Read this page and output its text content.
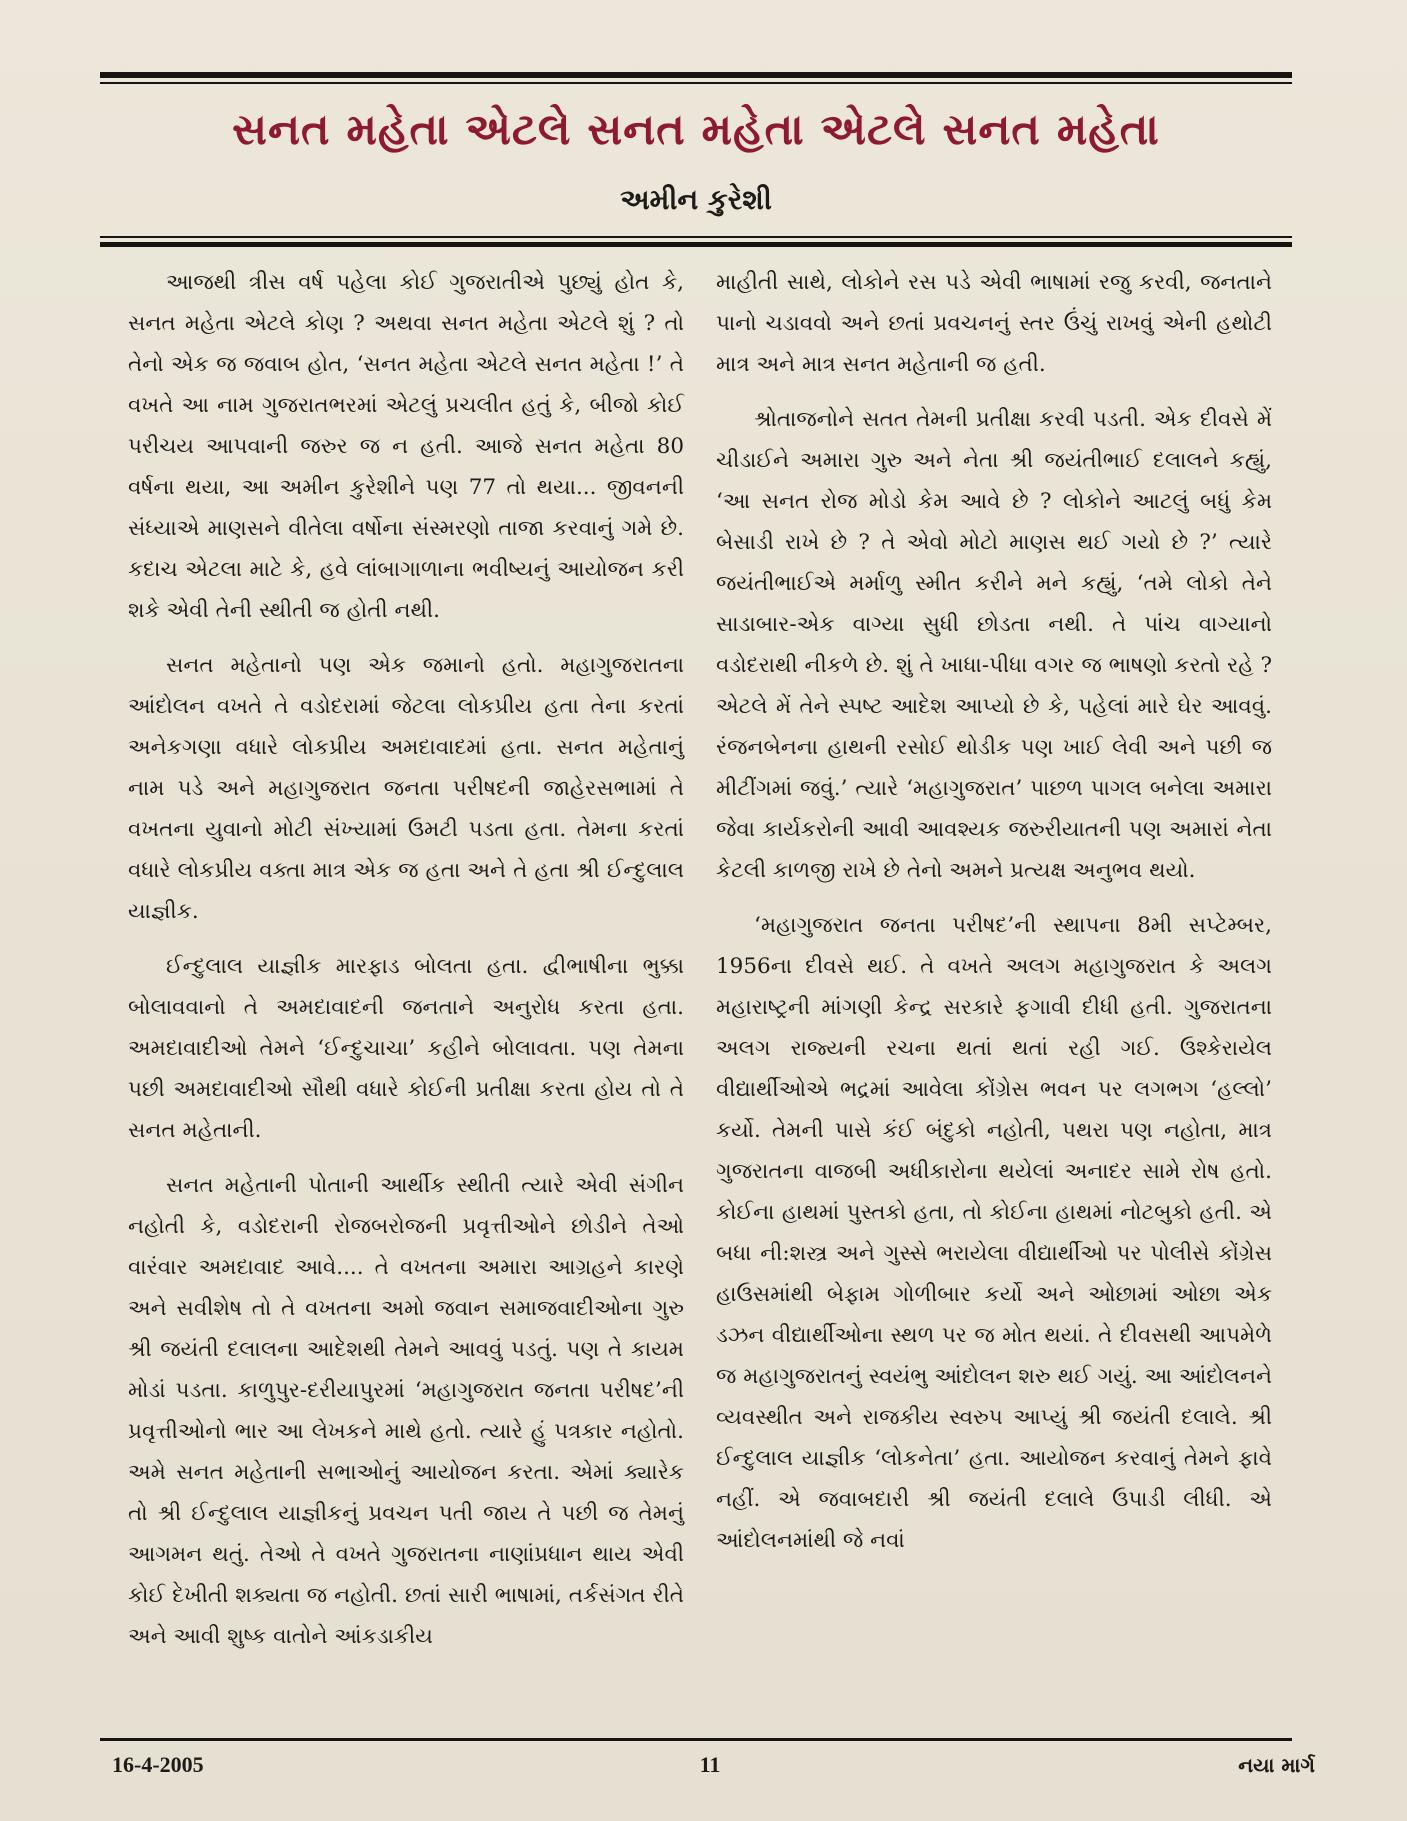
સનત મહેતા એટલે સનત મહેતા એટલે સનત મહેતા
અમીન કુરેશી

આજથી ત્રીસ વર્ષ પહેલા કોઈ ગુજરાતીએ પુછ્યું હોત કે, સનત મહેતા એટલે કોણ ? અથવા સનત મહેતા એટલે શું ? તો તેનો એક જ જવાબ હોત, ‘સનત મહેતા એટલે સનત મહેતા !’ તે વખતે આ નામ ગુજરાતભરમાં એટલું પ્રચલીત હતું કે, બીજો કોઈ પરીચય આપવાની જરુર જ ન હતી. આજે સનત મહેતા 80 વર્ષના થયા, આ અમીન કુરેશીને પણ 77 તો થયા... જીવનની સંધ્યાએ માણસને વીતેલા વર્ષોના સંસ્મરણો તાજા કરવાનું ગમે છે. કદાચ એટલા માટે કે, હવે લાંબાગાળાના ભવીષ્યનું આયોજન કરી શકે એવી તેની સ્થીતી જ હોતી નથી.

સનત મહેતાનો પણ એક જમાનો હતો. મહાગુજરાતના આંદોલન વખતે તે વડોદરામાં જેટલા લોકપ્રીય હતા તેના કરતાં અનેકગણા વધારે લોકપ્રીય અમદાવાદમાં હતા. સનત મહેતાનું નામ પડે અને મહાગુજરાત જનતા પરીષદની જાહેરસભામાં તે વખતના યુવાનો મોટી સંખ્યામાં ઉમટી પડતા હતા. તેમના કરતાં વધારે લોકપ્રીય વક્તા માત્ર એક જ હતા અને તે હતા શ્રી ઈન્દુલાલ યાજ્ઞીક.

ઈન્દુલાલ યાજ્ઞીક મારફાડ બોલતા હતા. દ્વીભાષીના ભુક્કા બોલાવવાનો તે અમદાવાદની જનતાને અનુરોધ કરતા હતા. અમદાવાદીઓ તેમને ‘ઈન્દુચાચા’ કહીને બોલાવતા. પણ તેમના પછી અમદાવાદીઓ સૌથી વધારે કોઈની પ્રતીક્ષા કરતા હોય તો તે સનત મહેતાની.

સનત મહેતાની પોતાની આર્થીક સ્થીતી ત્યારે એવી સંગીન નહોતી કે, વડોદરાની રોજબરોજની પ્રવૃત્તીઓને છોડીને તેઓ વારંવાર અમદાવાદ આવે.... તે વખતના અમારા આગ્રહને કારણે અને સવીશેષ તો તે વખતના અમો જવાન સમાજવાદીઓના ગુરુ શ્રી જયંતી દલાલના આદેશથી તેમને આવવું પડતું. પણ તે કાયમ મોડાં પડતા. કાળુપુર-દરીયાપુરમાં ‘મહાગુજરાત જનતા પરીષદ’ની પ્રવૃત્તીઓનો ભાર આ લેખકને માથે હતો. ત્યારે હું પત્રકાર નહોતો. અમે સનત મહેતાની સભાઓનું આયોજન કરતા. એમાં ક્યારેક તો શ્રી ઈન્દુલાલ યાજ્ઞીકનું પ્રવચન પતી જાય તે પછી જ તેમનું આગમન થતું. તેઓ તે વખતે ગુજરાતના નાણાંપ્રધાન થાય એવી કોઈ દેખીતી શક્યતા જ નહોતી. છતાં સારી ભાષામાં, તર્કસંગત રીતે અને આવી શુષ્ક વાતોને આંકડાકીય

માહીતી સાથે, લોકોને રસ પડે એવી ભાષામાં રજુ કરવી, જનતાને પાનો ચડાવવો અને છતાં પ્રવચનનું સ્તર ઉંચું રાખવું એની હથોટી માત્ર અને માત્ર સનત મહેતાની જ હતી.

શ્રોતાજનોને સતત તેમની પ્રતીક્ષા કરવી પડતી. એક દીવસે મેં ચીડાઈને અમારા ગુરુ અને નેતા શ્રી જયંતીભાઈ દલાલને કહ્યું, ‘આ સનત રોજ મોડો કેમ આવે છે ? લોકોને આટલું બધું કેમ બેસાડી રાખે છે ? તે એવો મોટો માણસ થઈ ગયો છે ?’ ત્યારે જયંતીભાઈએ મર્માળુ સ્મીત કરીને મને કહ્યું, ‘તમે લોકો તેને સાડાબાર-એક વાગ્યા સુધી છોડતા નથી. તે પાંચ વાગ્યાનો વડોદરાથી નીકળે છે. શું તે ખાધા-પીધા વગર જ ભાષણો કરતો રહે ? એટલે મેં તેને સ્પષ્ટ આદેશ આપ્યો છે કે, પહેલાં મારે ઘેર આવવું. રંજનબેનના હાથની રસોઈ થોડીક પણ ખાઈ લેવી અને પછી જ મીટીંગમાં જવું.’ ત્યારે ‘મહાગુજરાત’ પાછળ પાગલ બનેલા અમારા જેવા કાર્યકરોની આવી આવશ્યક જરુરીયાતની પણ અમારાં નેતા કેટલી કાળજી રાખે છે તેનો અમને પ્રત્યક્ષ અનુભવ થયો.

‘મહાગુજરાત જનતા પરીષદ’ની સ્થાપના 8મી સપ્ટેમ્બર, 1956ના દીવસે થઈ. તે વખતે અલગ મહાગુજરાત કે અલગ મહારાષ્ટ્રની માંગણી કેન્દ્ર સરકારે ફગાવી દીધી હતી. ગુજરાતના અલગ રાજ્યની રચના થતાં થતાં રહી ગઈ. ઉશ્કેરાયેલ વીદ્યાર્થીઓએ ભદ્રમાં આવેલા કોંગ્રેસ ભવન પર લગભગ ‘હલ્લો’ કર્યો. તેમની પાસે કંઈ બંદુકો નહોતી, પથરા પણ નહોતા, માત્ર ગુજરાતના વાજબી અધીકારોના થયેલાં અનાદર સામે રોષ હતો. કોઈના હાથમાં પુસ્તકો હતા, તો કોઈના હાથમાં નોટબુકો હતી. એ બધા ની:શસ્ત્ર અને ગુસ્સે ભરાયેલા વીદ્યાર્થીઓ પર પોલીસે કોંગ્રેસ હાઉસમાંથી બેફામ ગોળીબાર કર્યો અને ઓછામાં ઓછા એક ડઝન વીદ્યાર્થીઓના સ્થળ પર જ મોત થયાં. તે દીવસથી આપમેળે જ મહાગુજરાતનું સ્વયંભુ આંદોલન શરુ થઈ ગયું. આ આંદોલનને વ્યવસ્થીત અને રાજકીય સ્વરુપ આપ્યું શ્રી જયંતી દલાલે. શ્રી ઈન્દુલાલ યાજ્ઞીક ‘લોકનેતા’ હતા. આયોજન કરવાનું તેમને ફાવે નહીં. એ જવાબદારી શ્રી જયંતી દલાલે ઉપાડી લીધી. એ આંદોલનમાંથી જે નવાં

16-4-2005	11	નયા માર્ગ
